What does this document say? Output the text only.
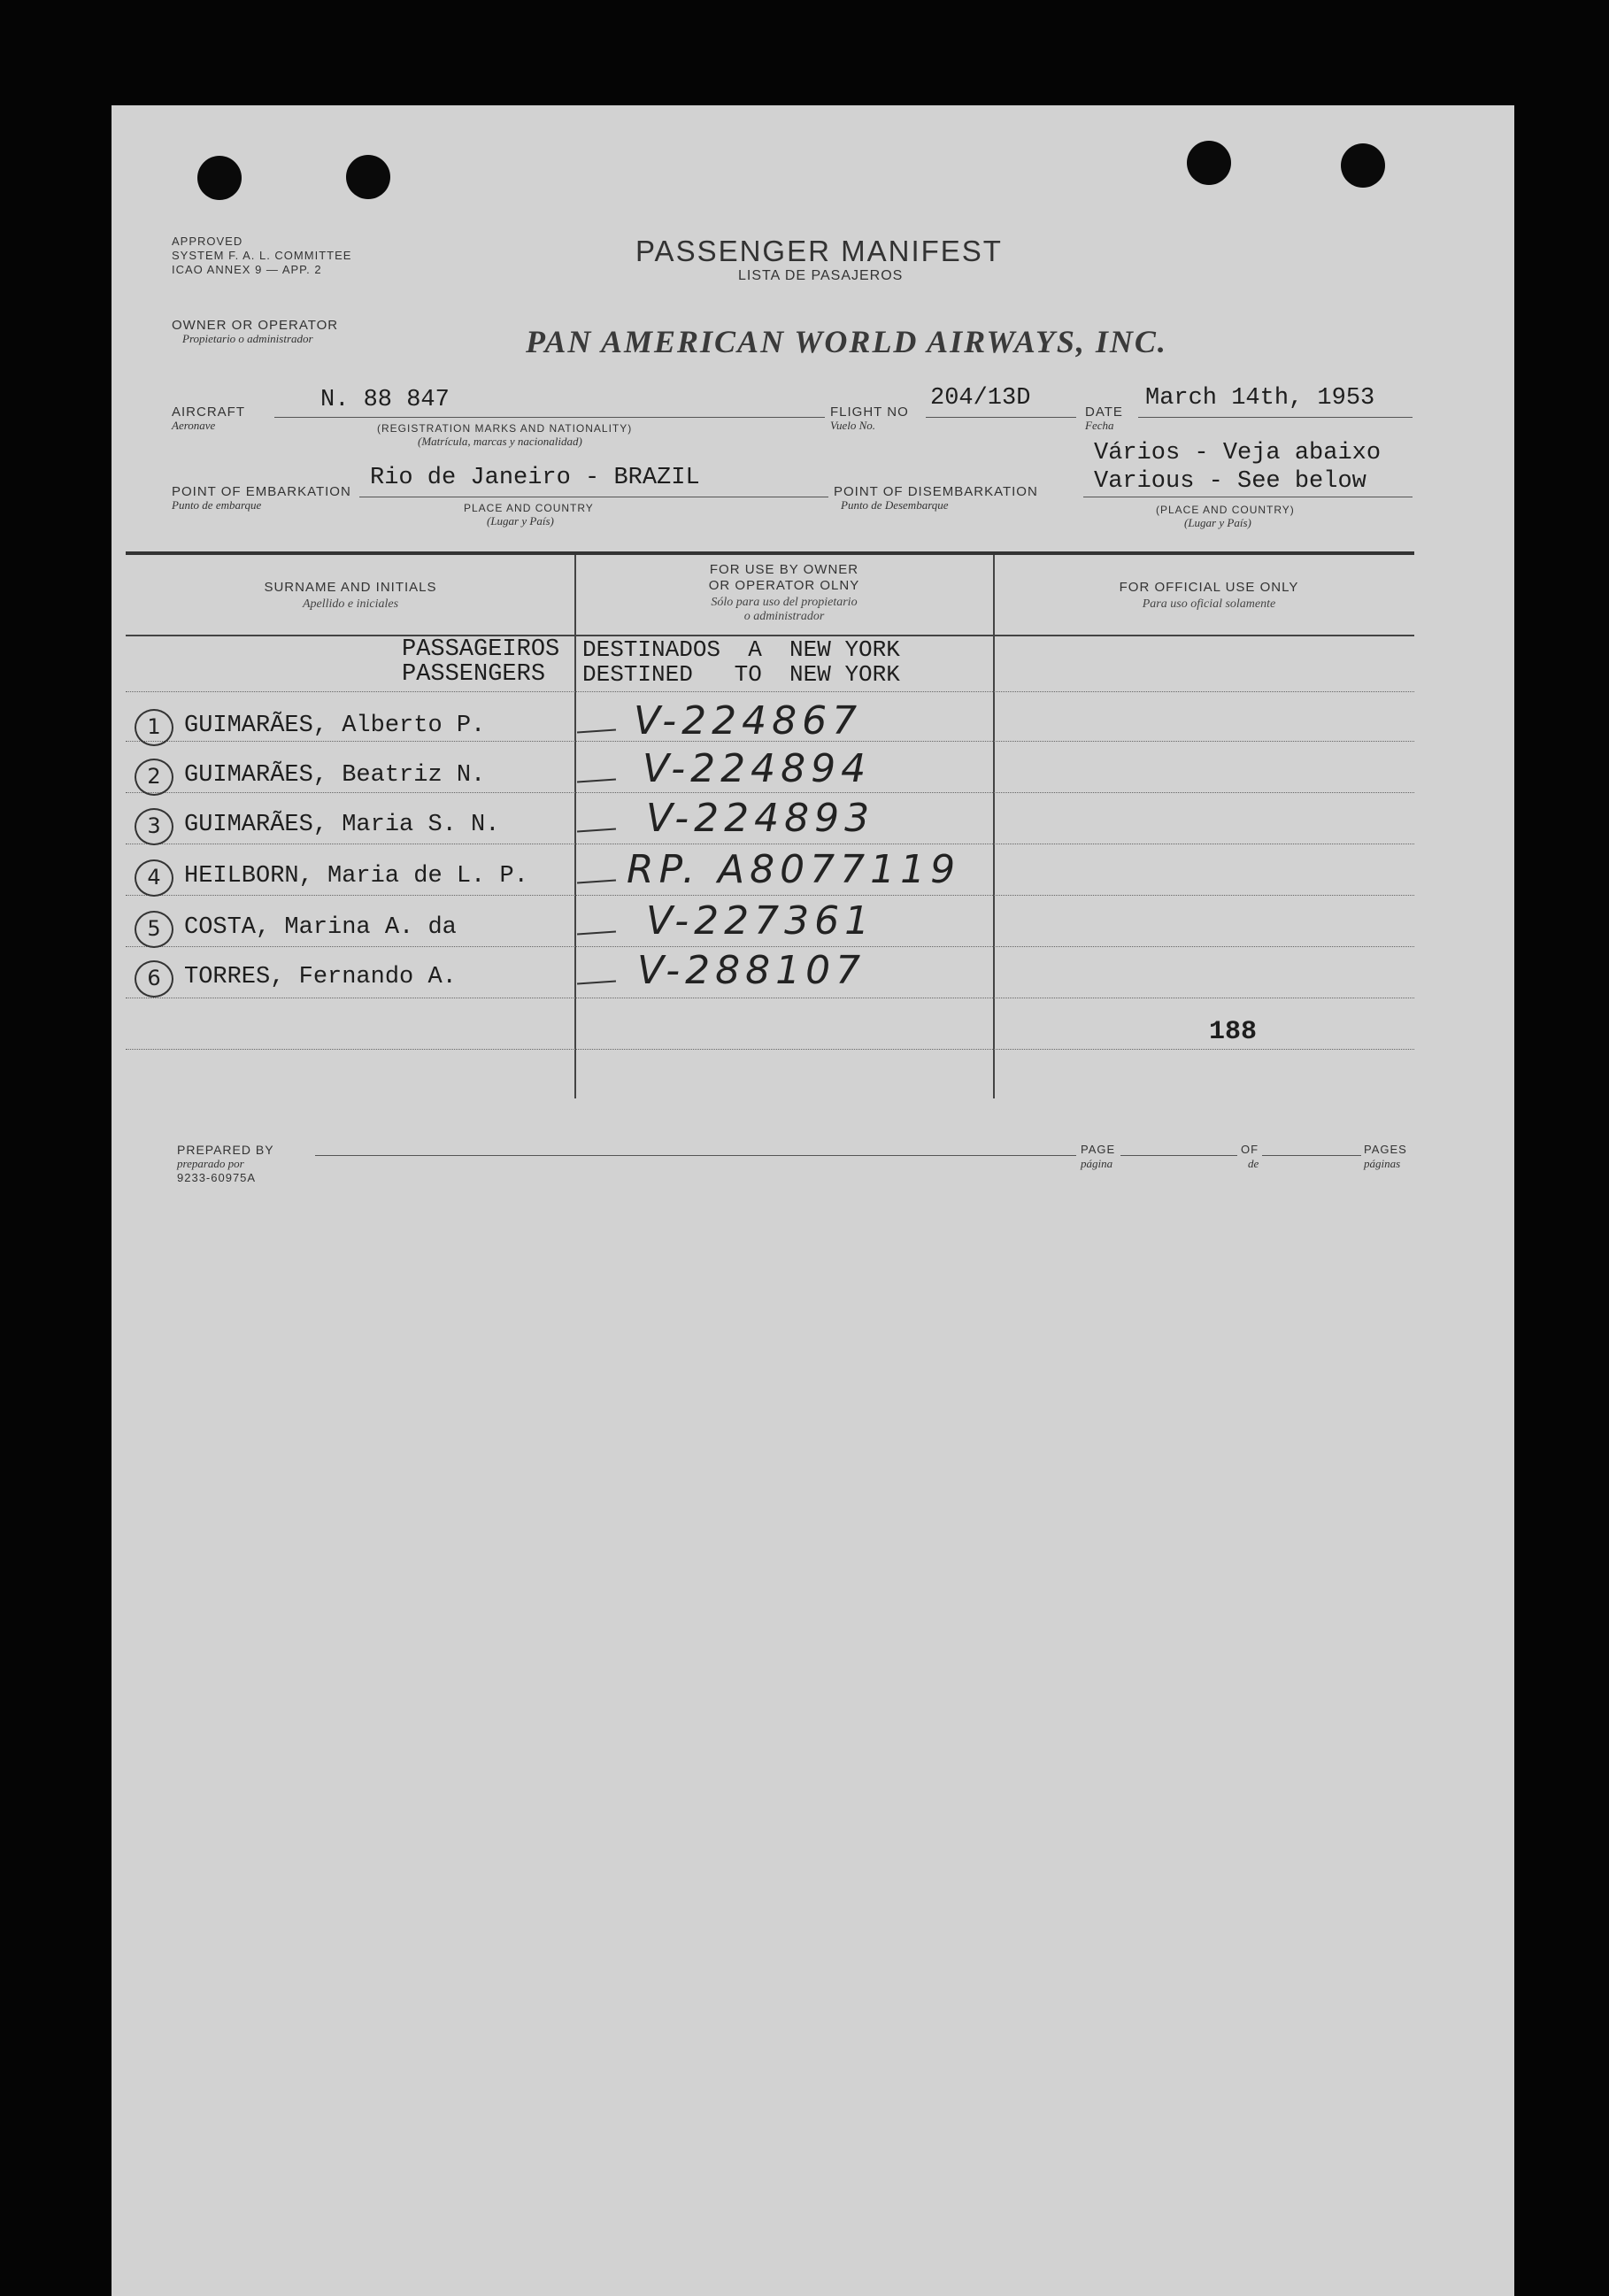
APPROVED
SYSTEM F. A. L. COMMITTEE
ICAO ANNEX 9 — APP. 2
PASSENGER MANIFEST
LISTA DE PASAJEROS
OWNER OR OPERATOR
Propietario o administrador	PAN AMERICAN WORLD AIRWAYS, INC.
AIRCRAFT
Aeronave
N. 88 847
(REGISTRATION MARKS AND NATIONALITY)
(Matrícula, marcas y nacionalidad)
FLIGHT NO
Vuelo No.
204/13D
DATE
Fecha
March 14th, 1953
POINT OF EMBARKATION
Punto de embarque
Rio de Janeiro - BRAZIL
PLACE AND COUNTRY
(Lugar y País)
POINT OF DISEMBARKATION
Punto de Desembarque
Vários - Veja abaixo
Various - See below
(PLACE AND COUNTRY)
(Lugar y País)
SURNAME AND INITIALS
Apellido e iniciales
FOR USE BY OWNER
OR OPERATOR OLNY
Sólo para uso del propietario
o administrador
FOR OFFICIAL USE ONLY
Para uso oficial solamente
PASSAGEIROS
PASSENGERS
DESTINADOS  A  NEW YORK
DESTINED   TO  NEW YORK
1 GUIMARÃES, Alberto P.	V-224867
2 GUIMARÃES, Beatriz N.	V-224894
3 GUIMARÃES, Maria S. N.	V-224893
4 HEILBORN, Maria de L. P.	RP. A8077119
5 COSTA, Marina A. da	V-227361
6 TORRES, Fernando A.	V-288107
188
PREPARED BY
preparado por
9233-60975A
PAGE
página
OF
de
PAGES
páginas
